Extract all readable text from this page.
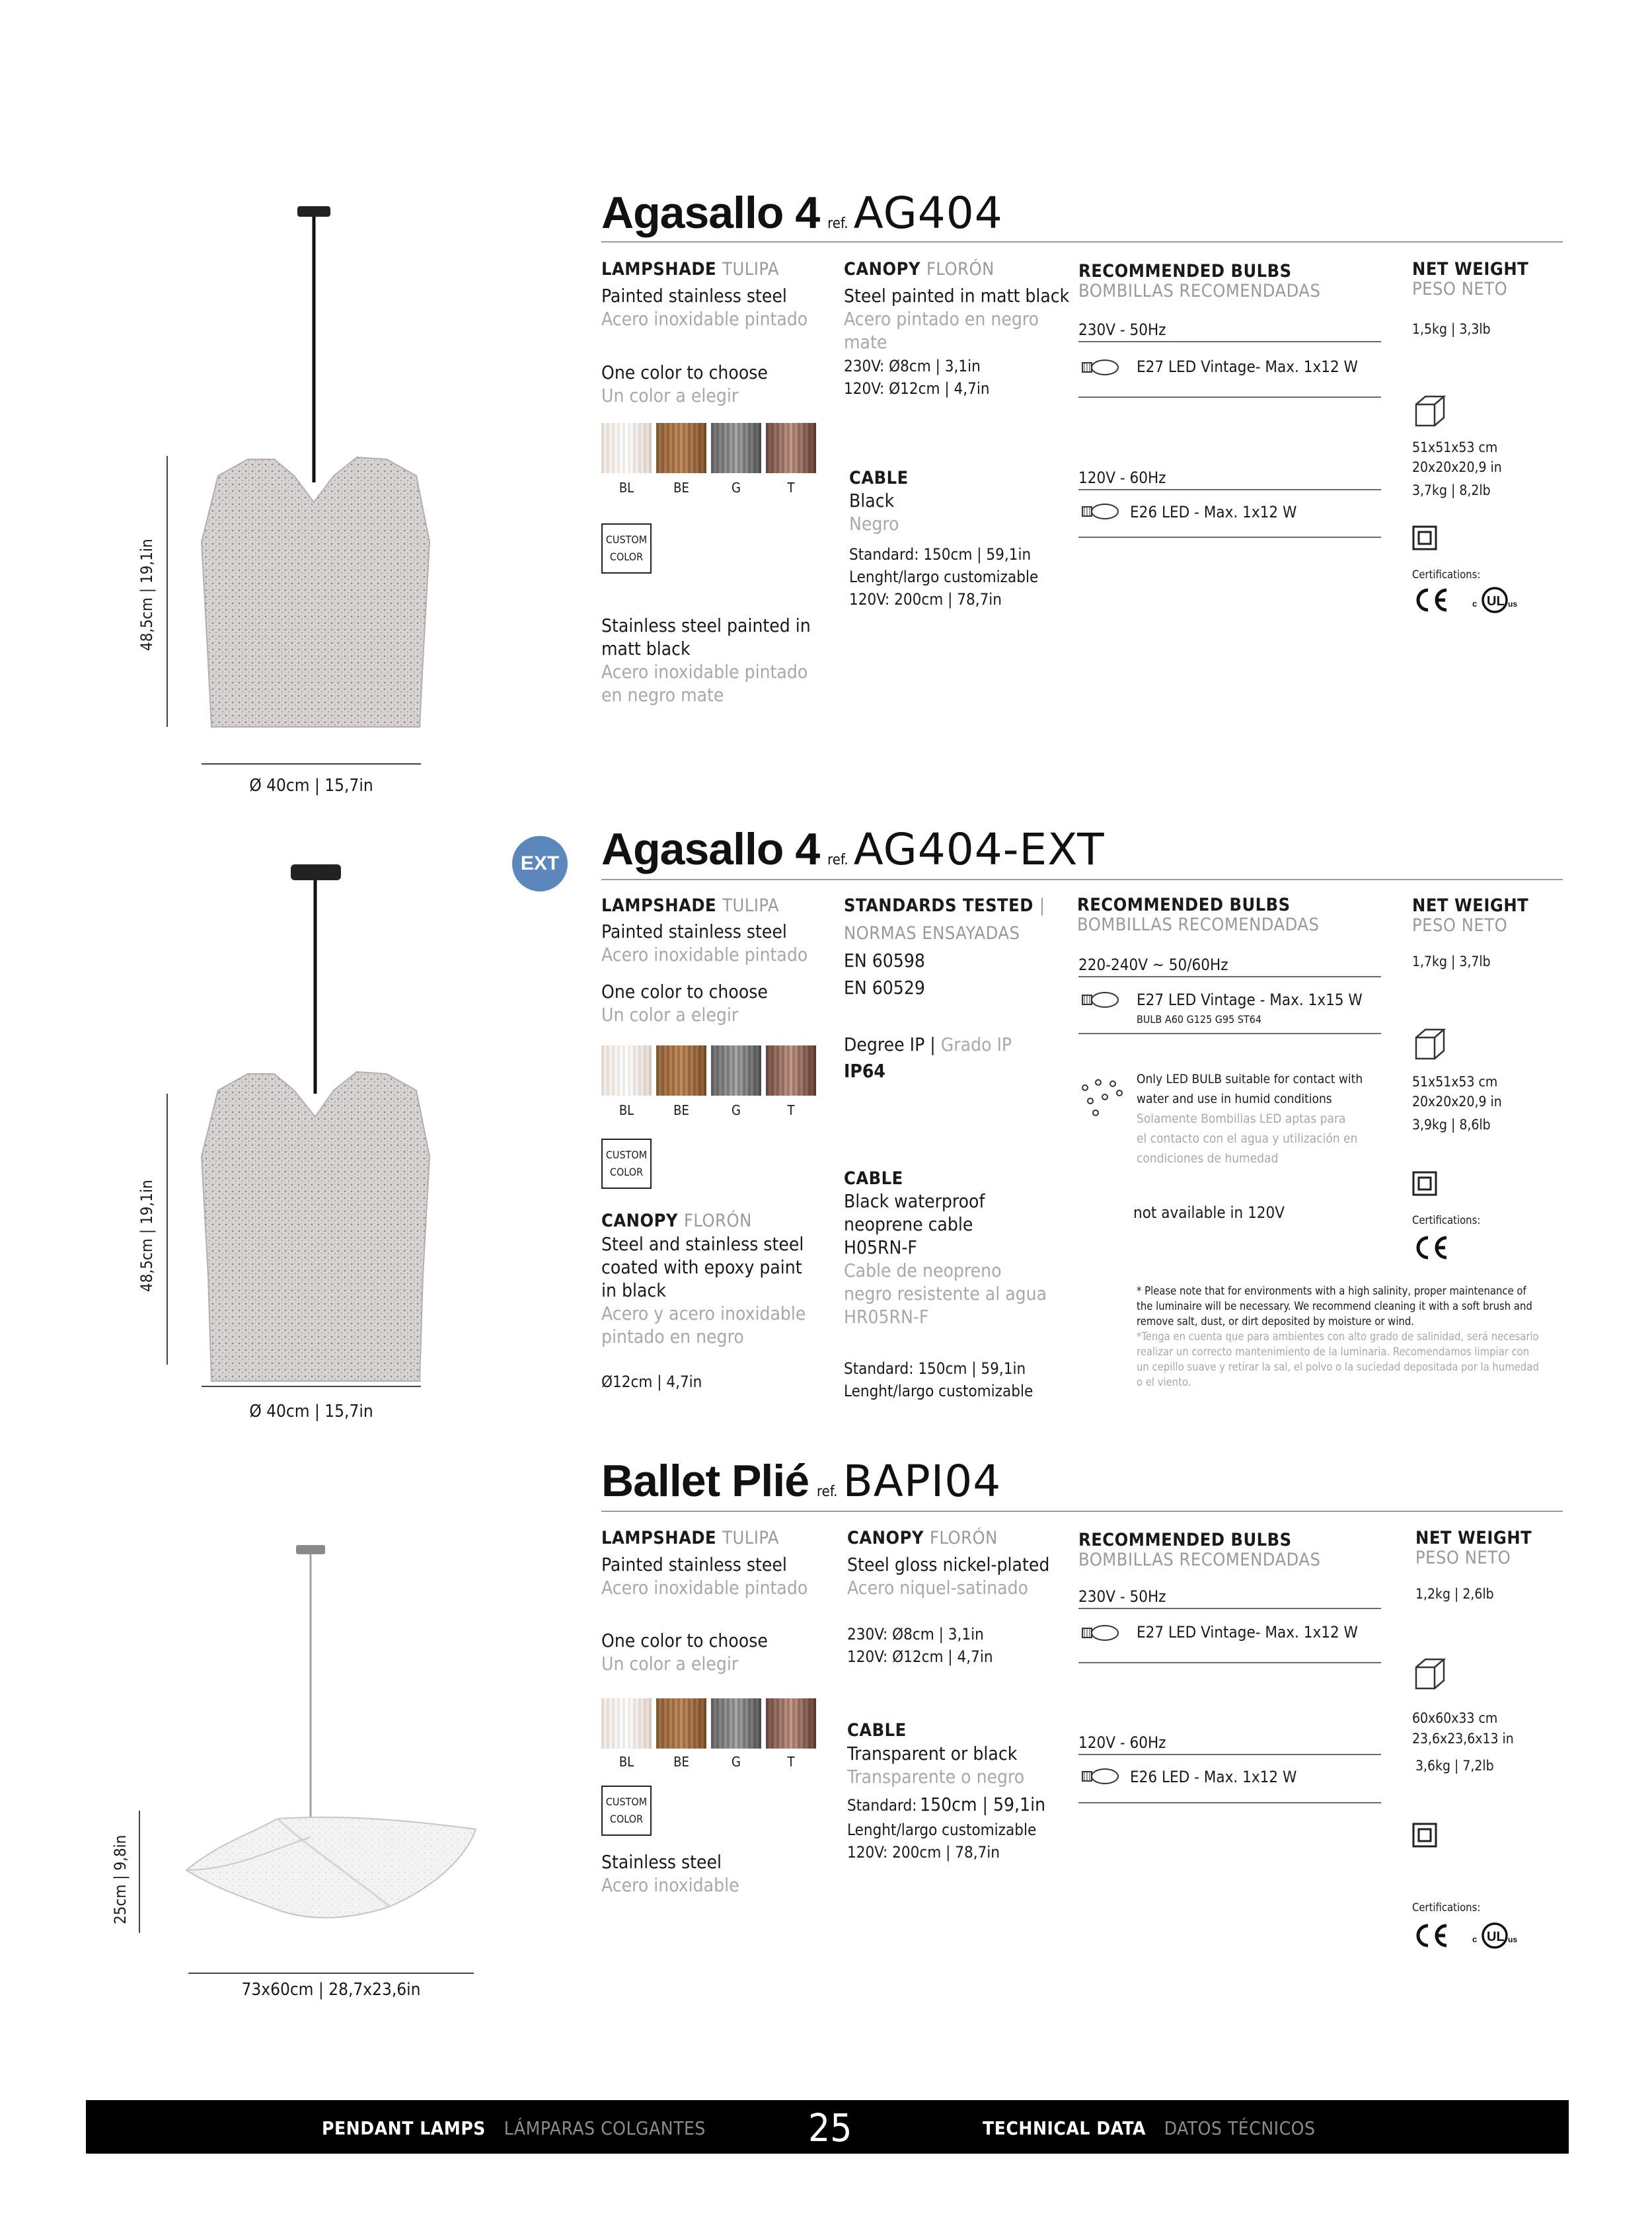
48,5cm | 19,1in
Ø 40cm | 15,7in
Agasallo 4 ref. AG404
LAMPSHADE TULIPA
Painted stainless steel
Acero inoxidable pintado
One color to choose
Un color a elegir
BL	BE	G	T
CUSTOM
COLOR
Stainless steel painted in
matt black
Acero inoxidable pintado
en negro mate
CANOPY FLORÓN
Steel painted in matt black
Acero pintado en negro
mate
230V: Ø8cm | 3,1in
120V: Ø12cm | 4,7in
CABLE
Black
Negro
Standard: 150cm | 59,1in
Lenght/largo customizable
120V: 200cm | 78,7in
RECOMMENDED BULBS
BOMBILLAS RECOMENDADAS
230V - 50Hz
E27 LED Vintage- Max. 1x12 W
120V - 60Hz
E26 LED - Max. 1x12 W
NET WEIGHT
PESO NETO
1,5kg | 3,3lb
51x51x53 cm
20x20x20,9 in
3,7kg | 8,2lb
Certifications:
UL
c	us
48,5cm | 19,1in
Ø 40cm | 15,7in
EXT Agasallo 4 ref. AG404-EXT
LAMPSHADE TULIPA
Painted stainless steel
Acero inoxidable pintado
One color to choose
Un color a elegir
BL	BE	G	T
CUSTOM
COLOR
CANOPY FLORÓN
Steel and stainless steel
coated with epoxy paint
in black
Acero y acero inoxidable
pintado en negro
Ø12cm | 4,7in
STANDARDS TESTED |
NORMAS ENSAYADAS
EN 60598
EN 60529
Degree IP | Grado IP
IP64
CABLE
Black waterproof
neoprene cable
H05RN-F
Cable de neopreno
negro resistente al agua
HR05RN-F
Standard: 150cm | 59,1in
Lenght/largo customizable
RECOMMENDED BULBS
BOMBILLAS RECOMENDADAS
220-240V ~ 50/60Hz
E27 LED Vintage - Max. 1x15 W
BULB A60 G125 G95 ST64
Only LED BULB suitable for contact with
water and use in humid conditions
Solamente Bombillas LED aptas para
el contacto con el agua y utilización en
condiciones de humedad
not available in 120V
* Please note that for environments with a high salinity, proper maintenance of
the luminaire will be necessary. We recommend cleaning it with a soft brush and
remove salt, dust, or dirt deposited by moisture or wind.
*Tenga en cuenta que para ambientes con alto grado de salinidad, será necesario
realizar un correcto mantenimiento de la luminaria. Recomendamos limpiar con
un cepillo suave y retirar la sal, el polvo o la suciedad depositada por la humedad
o el viento.
NET WEIGHT
PESO NETO
1,7kg | 3,7lb
51x51x53 cm
20x20x20,9 in
3,9kg | 8,6lb
Certifications:
25cm | 9,8in
73x60cm | 28,7x23,6in
Ballet Plié ref. BAPI04
LAMPSHADE TULIPA
Painted stainless steel
Acero inoxidable pintado
One color to choose
Un color a elegir
BL	BE	G	T
CUSTOM
COLOR
Stainless steel
Acero inoxidable
CANOPY FLORÓN
Steel gloss nickel-plated
Acero niquel-satinado
230V: Ø8cm | 3,1in
120V: Ø12cm | 4,7in
CABLE
Transparent or black
Transparente o negro
Standard: 150cm | 59,1in
Lenght/largo customizable
120V: 200cm | 78,7in
RECOMMENDED BULBS
BOMBILLAS RECOMENDADAS
230V - 50Hz
E27 LED Vintage- Max. 1x12 W
120V - 60Hz
E26 LED - Max. 1x12 W
NET WEIGHT
PESO NETO
1,2kg | 2,6lb
60x60x33 cm
23,6x23,6x13 in
3,6kg | 7,2lb
Certifications:
UL
c	us
PENDANT LAMPS LÁMPARAS COLGANTES	25	TECHNICAL DATA DATOS TÉCNICOS
